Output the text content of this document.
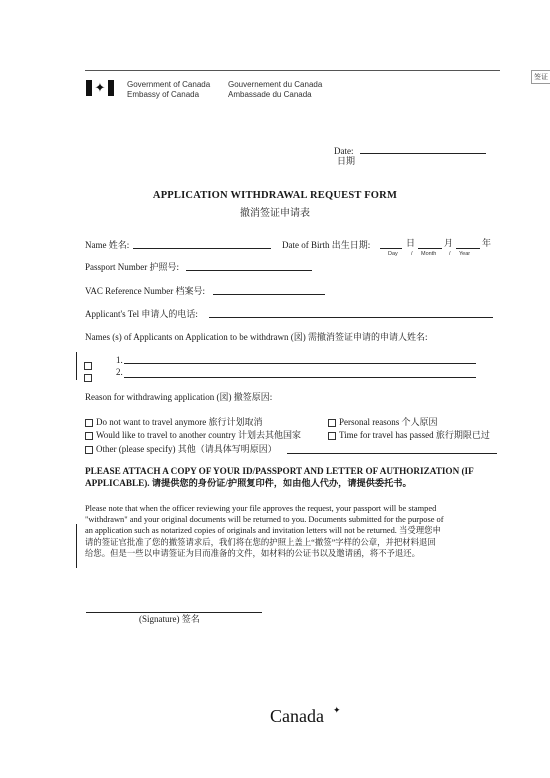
签证
✦	Government of Canada
Embassy of Canada
Gouvernement du Canada
Ambassade du Canada
Date:
日期
APPLICATION WITHDRAWAL REQUEST FORM
撤消签证申请表
Name 姓名:	Date of Birth 出生日期:	日	月	年
Day / Month / Year
Passport Number 护照号:
VAC Reference Number 档案号:
Applicant's Tel 申请人的电话:
Names (s) of Applicants on Application to be withdrawn (図) 需撤消签证申请的申请人姓名:
1.
2.
Reason for withdrawing application (図) 撤签原因:
Do not want to travel anymore 旅行计划取消	Personal reasons 个人原因
Would like to travel to another country 计划去其他国家	Time for travel has passed 旅行期限已过
Other (please specify) 其他（请具体写明原因）
PLEASE ATTACH A COPY OF YOUR ID/PASSPORT AND LETTER OF AUTHORIZATION (IF
APPLICABLE). 请提供您的身份证/护照复印件，如由他人代办，请提供委托书。
Please note that when the officer reviewing your file approves the request, your passport will be stamped
"withdrawn" and your original documents will be returned to you. Documents submitted for the purpose of
an application such as notarized copies of originals and invitation letters will not be returned. 当受理您申
请的签证官批准了您的撤签请求后，我们将在您的护照上盖上“撤签”字样的公章，并把材料退回
给您。但是一些以申请签证为目而准备的文件，如材料的公证书以及邀请函，将不予退还。
(Signature) 签名
Canada ✦
